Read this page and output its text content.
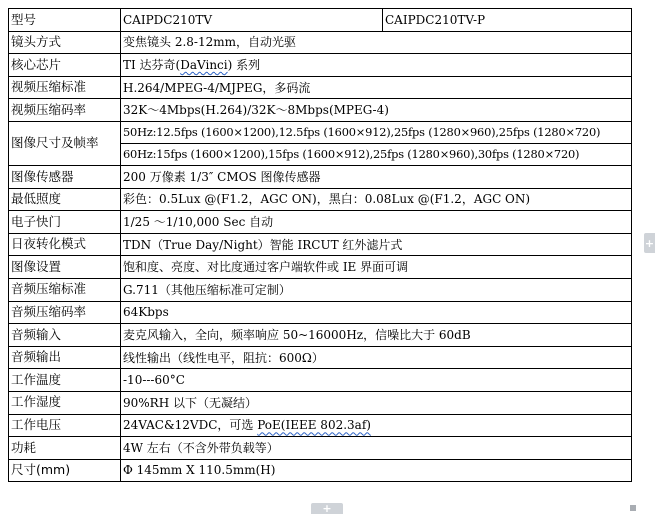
型号	CAIPDC210TV	CAIPDC210TV-P
镜头方式	变焦镜头 2.8-12mm，自动光驱	
核心芯片	TI 达芬奇(DaVinci) 系列	
视频压缩标准	H.264/MPEG-4/MJPEG，多码流	
视频压缩码率	32K～4Mbps(H.264)/32K～8Mbps(MPEG-4)	
图像尺寸及帧率	50Hz:12.5fps (1600×1200),12.5fps (1600×912),25fps (1280×960),25fps (1280×720)
60Hz:15fps (1600×1200),15fps (1600×912),25fps (1280×960),30fps (1280×720)	

图像传感器	200 万像素 1/3″ CMOS 图像传感器	
最低照度	彩色：0.5Lux @(F1.2，AGC ON)，黑白：0.08Lux @(F1.2，AGC ON)	
电子快门	1/25 ～1/10,000 Sec 自动	
日夜转化模式	TDN（True Day/Night）智能 IRCUT 红外滤片式	
图像设置	饱和度、亮度、对比度通过客户端软件或 IE 界面可调	
音频压缩标准	G.711（其他压缩标准可定制）	
音频压缩码率	64Kbps	
音频输入	麦克风输入，全向，频率响应 50~16000Hz，信噪比大于 60dB	
音频输出	线性输出（线性电平，阻抗：600Ω）	
工作温度	-10---60°C	
工作湿度	90%RH 以下（无凝结）	
工作电压	24VAC&12VDC，可选 PoE(IEEE 802.3af)	
功耗	4W 左右（不含外带负载等）	
尺寸(mm)	Φ 145mm X 110.5mm(H)	
+
+
